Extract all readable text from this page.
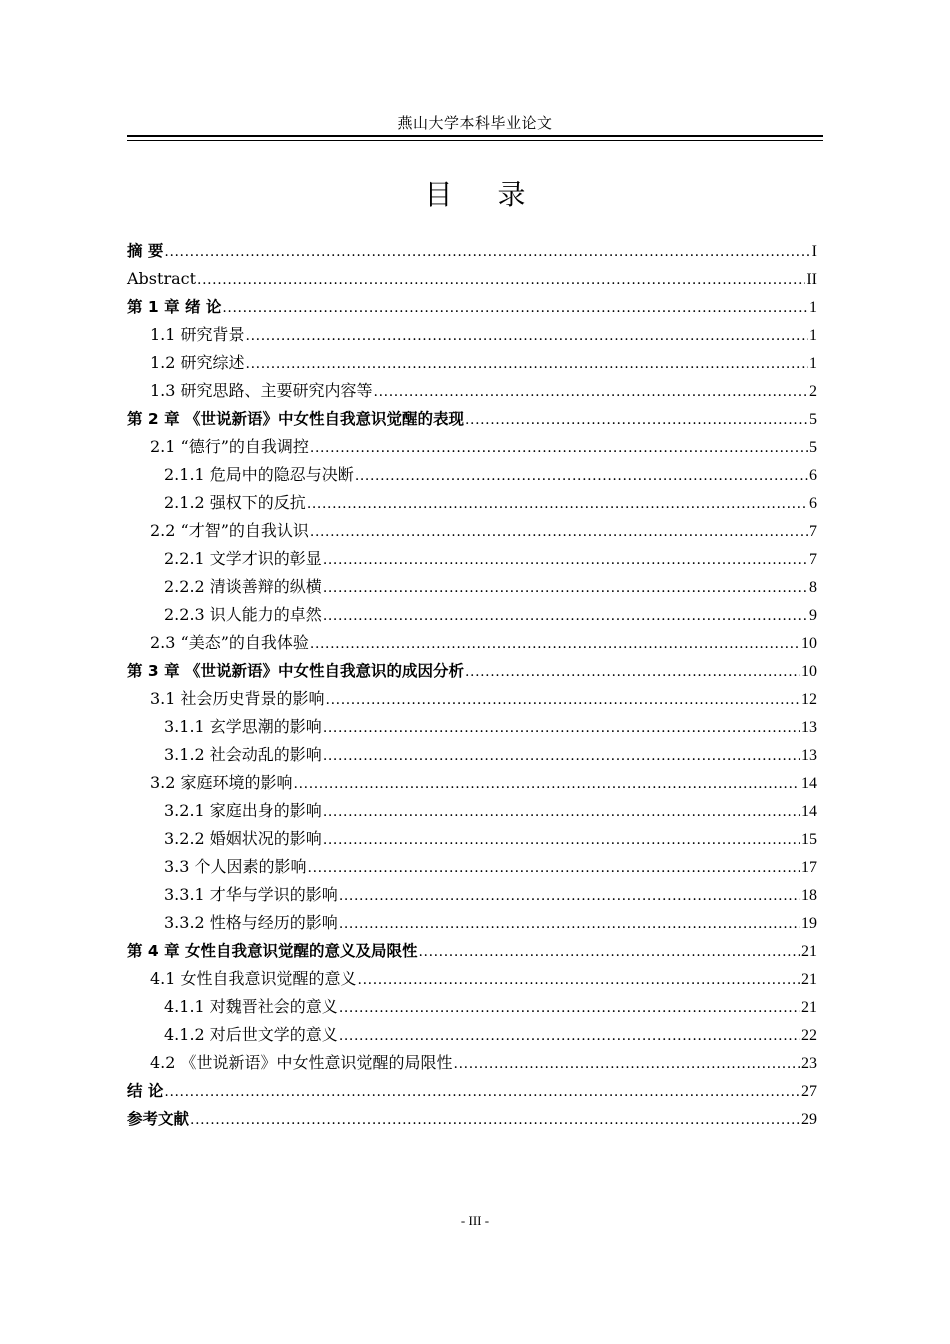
燕山大学本科毕业论文
目 录
摘 要 .....	I
Abstract .....	II
第 1 章 绪 论 .....	1
1.1 研究背景 .....	1
1.2 研究综述 .....	1
1.3 研究思路、主要研究内容等 .....	2
第 2 章 《世说新语》中女性自我意识觉醒的表现 .....	5
2.1 “德行”的自我调控 .....	5
2.1.1 危局中的隐忍与决断 .....	6
2.1.2 强权下的反抗 .....	6
2.2 “才智”的自我认识 .....	7
2.2.1 文学才识的彰显 .....	7
2.2.2 清谈善辩的纵横 .....	8
2.2.3 识人能力的卓然 .....	9
2.3 “美态”的自我体验 .....	10
第 3 章 《世说新语》中女性自我意识的成因分析 .....	10
3.1 社会历史背景的影响 .....	12
3.1.1 玄学思潮的影响 .....	13
3.1.2 社会动乱的影响 .....	13
3.2 家庭环境的影响 .....	14
3.2.1 家庭出身的影响 .....	14
3.2.2 婚姻状况的影响 .....	15
3.3 个人因素的影响 .....	17
3.3.1 才华与学识的影响 .....	18
3.3.2 性格与经历的影响 .....	19
第 4 章 女性自我意识觉醒的意义及局限性 .....	21
4.1 女性自我意识觉醒的意义 .....	21
4.1.1 对魏晋社会的意义 .....	21
4.1.2 对后世文学的意义 .....	22
4.2 《世说新语》中女性意识觉醒的局限性 .....	23
结 论 .....	27
参考文献 .....	29
- III -
